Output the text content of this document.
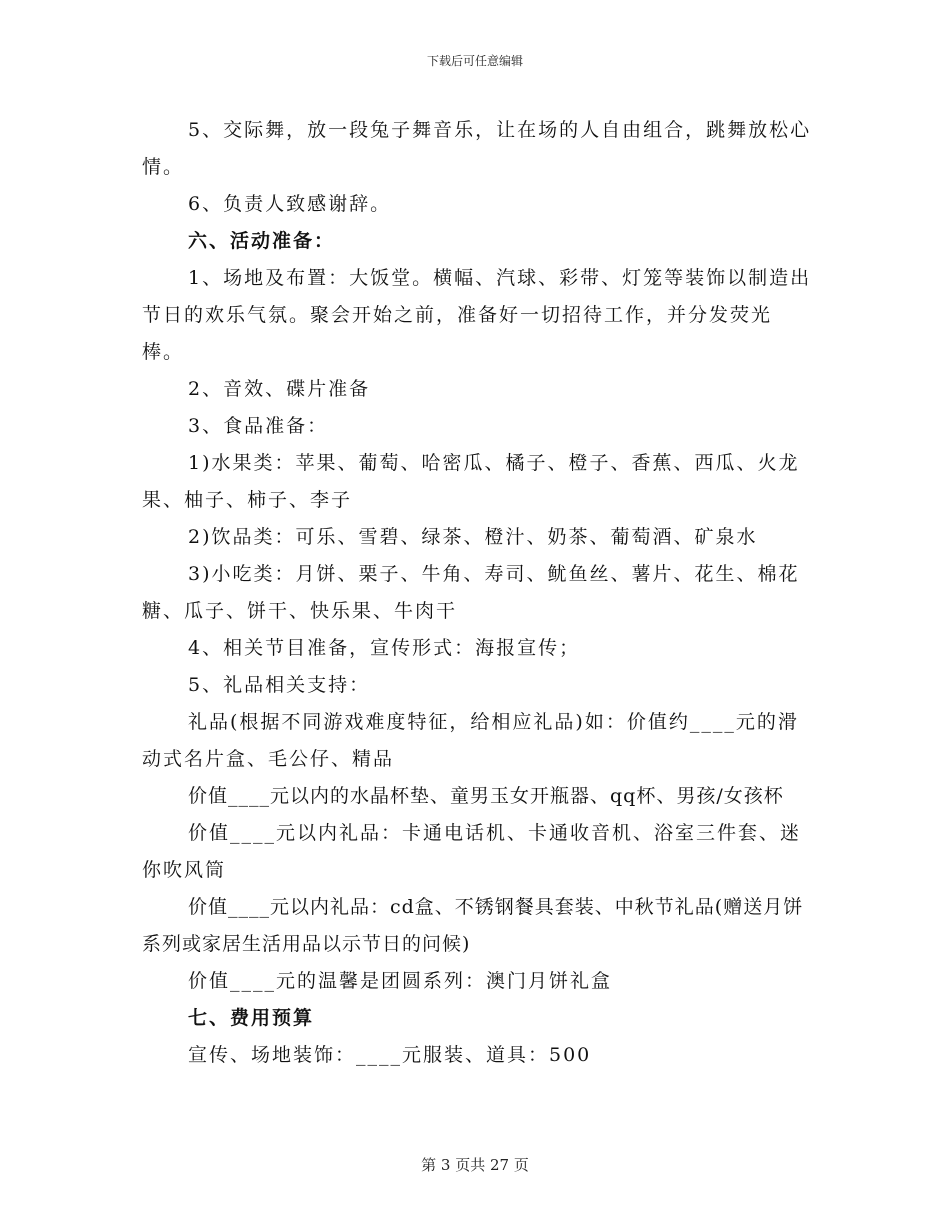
下载后可任意编辑

5、交际舞，放一段兔子舞音乐，让在场的人自由组合，跳舞放松心情。

6、负责人致感谢辞。

六、活动准备：

1、场地及布置：大饭堂。横幅、汽球、彩带、灯笼等装饰以制造出节日的欢乐气氛。聚会开始之前，准备好一切招待工作，并分发荧光棒。

2、音效、碟片准备

3、食品准备：

1)水果类：苹果、葡萄、哈密瓜、橘子、橙子、香蕉、西瓜、火龙果、柚子、柿子、李子

2)饮品类：可乐、雪碧、绿茶、橙汁、奶茶、葡萄酒、矿泉水

3)小吃类：月饼、栗子、牛角、寿司、鱿鱼丝、薯片、花生、棉花糖、瓜子、饼干、快乐果、牛肉干

4、相关节目准备，宣传形式：海报宣传；

5、礼品相关支持：

礼品(根据不同游戏难度特征，给相应礼品)如：价值约____元的滑动式名片盒、毛公仔、精品

价值____元以内的水晶杯垫、童男玉女开瓶器、qq杯、男孩/女孩杯

价值____元以内礼品：卡通电话机、卡通收音机、浴室三件套、迷你吹风筒

价值____元以内礼品：cd盒、不锈钢餐具套装、中秋节礼品(赠送月饼系列或家居生活用品以示节日的问候)

价值____元的温馨是团圆系列：澳门月饼礼盒

七、费用预算

宣传、场地装饰：____元服装、道具：500

第 3 页共 27 页
